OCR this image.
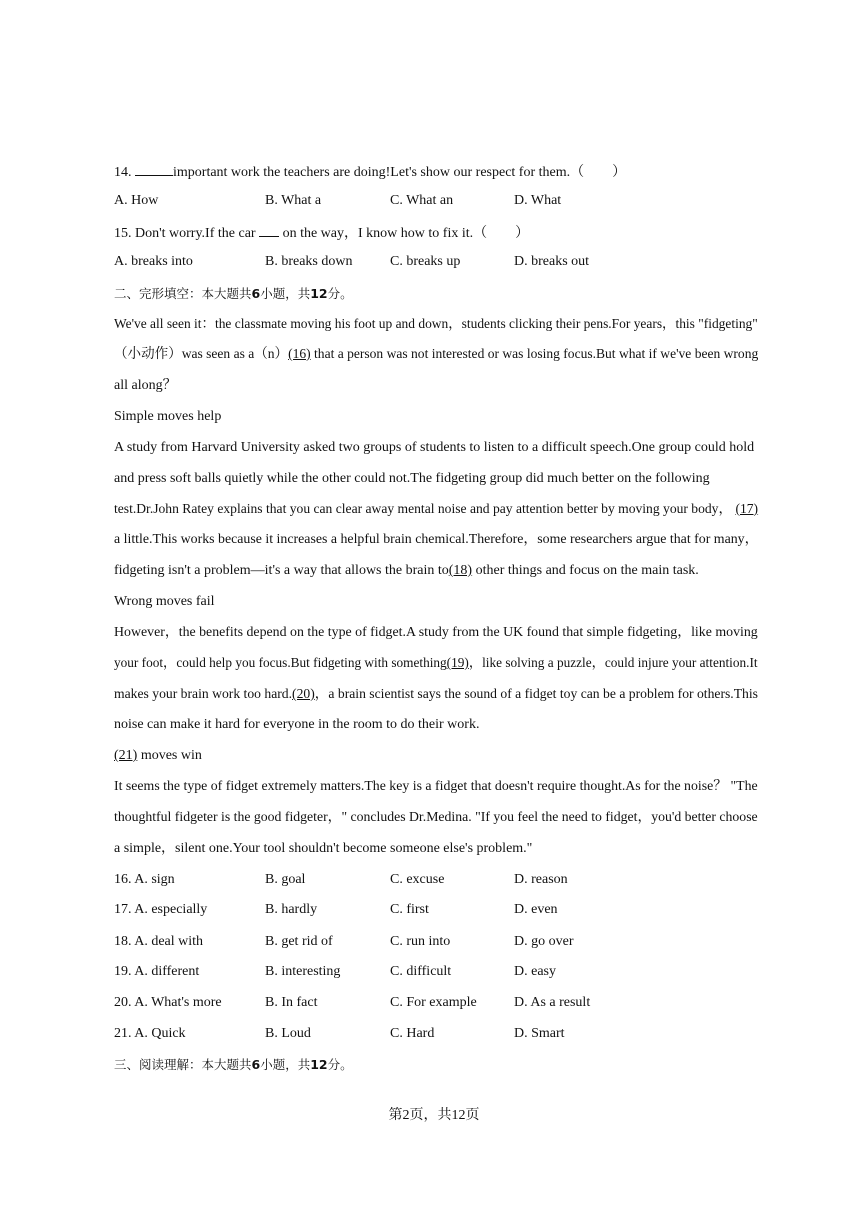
14.	important work the teachers are doing!Let's show our respect for them.（　　）
A. How	B. What a	C. What an	D. What
15. Don't worry.If the car on the way，I know how to fix it.（　　）
A. breaks into	B. breaks down	C. breaks up	D. breaks out
二、完形填空：本大题共6小题，共12分。
We've all seen it：the classmate moving his foot up and down，students clicking their pens.For years，this "fidgeting"
（小动作）was seen as a（n）(16) that a person was not interested or was losing focus.But what if we've been wrong
all along？
Simple moves help
A study from Harvard University asked two groups of students to listen to a difficult speech.One group could hold
and press soft balls quietly while the other could not.The fidgeting group did much better on the following
test.Dr.John Ratey explains that you can clear away mental noise and pay attention better by moving your body， (17)
a little.This works because it increases a helpful brain chemical.Therefore，some researchers argue that for many，
fidgeting isn't a problem—it's a way that allows the brain to(18) other things and focus on the main task.
Wrong moves fail
However，the benefits depend on the type of fidget.A study from the UK found that simple fidgeting，like moving
your foot，could help you focus.But fidgeting with something(19)，like solving a puzzle，could injure your attention.It
makes your brain work too hard.(20)，a brain scientist says the sound of a fidget toy can be a problem for others.This
noise can make it hard for everyone in the room to do their work.
(21) moves win
It seems the type of fidget extremely matters.The key is a fidget that doesn't require thought.As for the noise？ "The
thoughtful fidgeter is the good fidgeter，" concludes Dr.Medina. "If you feel the need to fidget，you'd better choose
a simple，silent one.Your tool shouldn't become someone else's problem."
16. A. sign	B. goal	C. excuse	D. reason
17. A. especially	B. hardly	C. first	D. even
18. A. deal with	B. get rid of	C. run into	D. go over
19. A. different	B. interesting	C. difficult	D. easy
20. A. What's more	B. In fact	C. For example	D. As a result
21. A. Quick	B. Loud	C. Hard	D. Smart
三、阅读理解：本大题共6小题，共12分。
第2页，共12页
